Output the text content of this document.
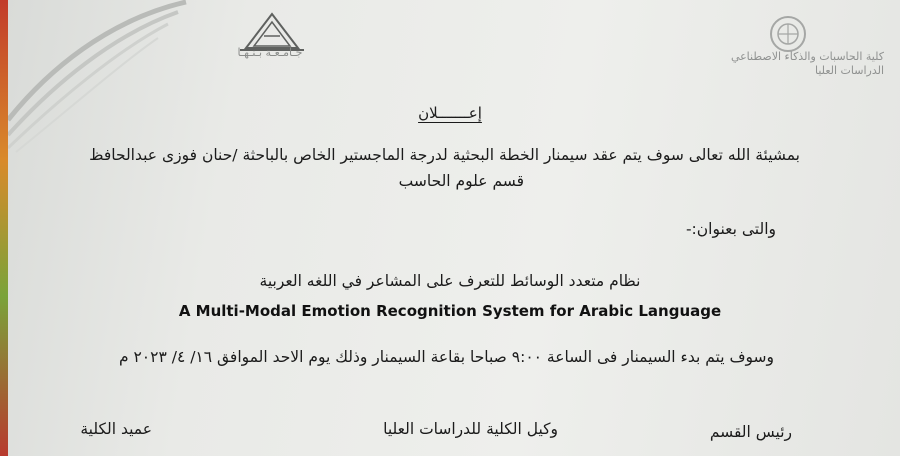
جـامـعـة بـنـهـا	كلية الحاسبات والذكاء الاصطناعي
الدراسات العليا
إعـــــــلان
بمشيئة الله تعالى سوف يتم عقد سيمنار الخطة البحثية لدرجة الماجستير الخاص بالباحثة /حنان فوزى عبدالحافظ
قسم علوم الحاسب
والتى بعنوان:-
نظام متعدد الوسائط للتعرف على المشاعر في اللغه العربية
A Multi-Modal Emotion Recognition System for Arabic Language
وسوف يتم بدء السيمنار فى الساعة ٩:٠٠ صباحا بقاعة السيمنار وذلك يوم الاحد الموافق ١٦/ ٤/ ٢٠٢٣ م
عميد الكلية	وكيل الكلية للدراسات العليا	رئيس القسم
